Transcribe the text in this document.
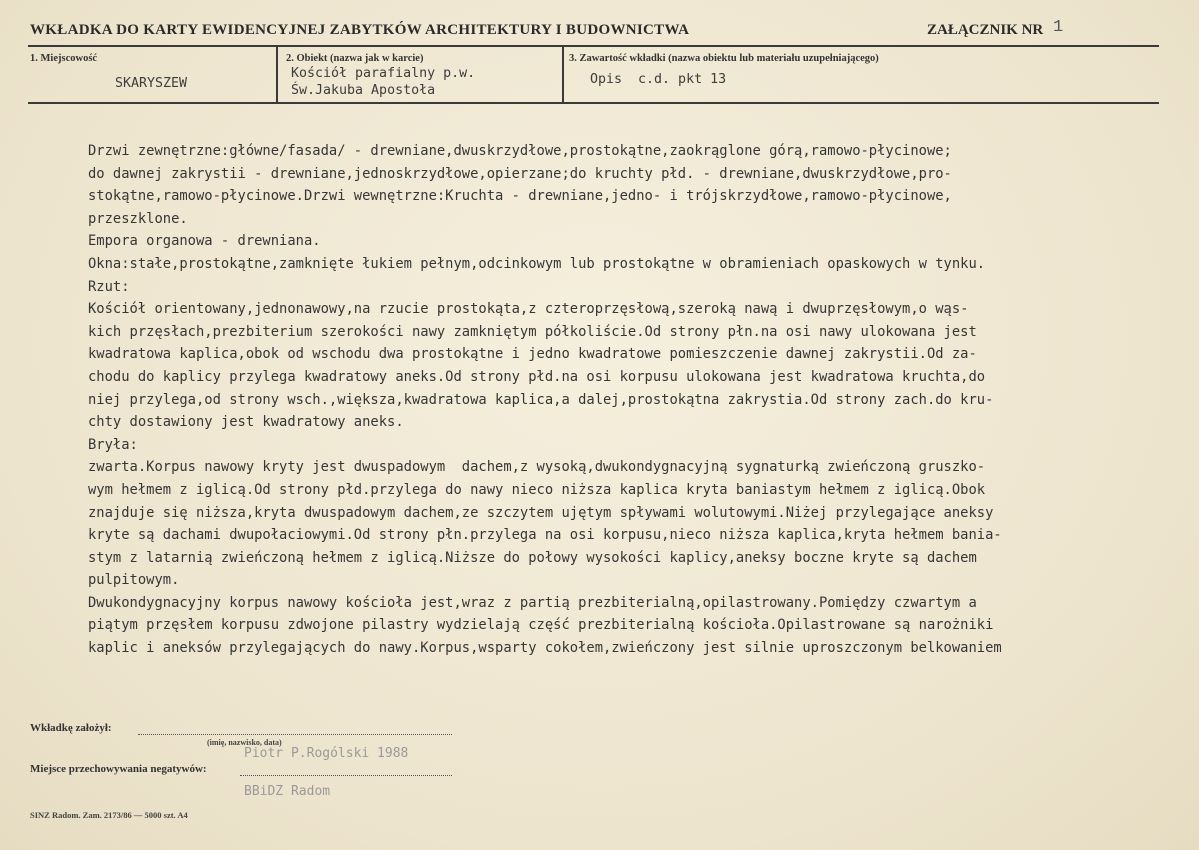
WKŁADKA DO KARTY EWIDENCYJNEJ ZABYTKÓW ARCHITEKTURY I BUDOWNICTWA	ZAŁĄCZNIK NR 1
1. Miejscowość
SKARYSZEW
2. Obiekt (nazwa jak w karcie)
Kościół parafialny p.w.
Św.Jakuba Apostoła
3. Zawartość wkładki (nazwa obiektu lub materiału uzupełniającego)
Opis  c.d. pkt 13
Drzwi zewnętrzne:główne/fasada/ - drewniane,dwuskrzydłowe,prostokątne,zaokrąglone górą,ramowo-płycinowe;
do dawnej zakrystii - drewniane,jednoskrzydłowe,opierzane;do kruchty płd. - drewniane,dwuskrzydłowe,pro-
stokątne,ramowo-płycinowe.Drzwi wewnętrzne:Kruchta - drewniane,jedno- i trójskrzydłowe,ramowo-płycinowe,
przeszklone.
Empora organowa - drewniana.
Okna:stałe,prostokątne,zamknięte łukiem pełnym,odcinkowym lub prostokątne w obramieniach opaskowych w tynku.
Rzut:
Kościół orientowany,jednonawowy,na rzucie prostokąta,z czteroprzęsłową,szeroką nawą i dwuprzęsłowym,o wąs-
kich przęsłach,prezbiterium szerokości nawy zamkniętym półkoliście.Od strony płn.na osi nawy ulokowana jest
kwadratowa kaplica,obok od wschodu dwa prostokątne i jedno kwadratowe pomieszczenie dawnej zakrystii.Od za-
chodu do kaplicy przylega kwadratowy aneks.Od strony płd.na osi korpusu ulokowana jest kwadratowa kruchta,do
niej przylega,od strony wsch.,większa,kwadratowa kaplica,a dalej,prostokątna zakrystia.Od strony zach.do kru-
chty dostawiony jest kwadratowy aneks.
Bryła:
zwarta.Korpus nawowy kryty jest dwuspadowym  dachem,z wysoką,dwukondygnacyjną sygnaturką zwieńczoną gruszko-
wym hełmem z iglicą.Od strony płd.przylega do nawy nieco niższa kaplica kryta baniastym hełmem z iglicą.Obok
znajduje się niższa,kryta dwuspadowym dachem,ze szczytem ujętym spływami wolutowymi.Niżej przylegające aneksy
kryte są dachami dwupołaciowymi.Od strony płn.przylega na osi korpusu,nieco niższa kaplica,kryta hełmem bania-
stym z latarnią zwieńczoną hełmem z iglicą.Niższe do połowy wysokości kaplicy,aneksy boczne kryte są dachem
pulpitowym.
Dwukondygnacyjny korpus nawowy kościoła jest,wraz z partią prezbiterialną,opilastrowany.Pomiędzy czwartym a
piątym przęsłem korpusu zdwojone pilastry wydzielają część prezbiterialną kościoła.Opilastrowane są narożniki
kaplic i aneksów przylegających do nawy.Korpus,wsparty cokołem,zwieńczony jest silnie uproszczonym belkowaniem
Wkładkę założył:
(imię, nazwisko, data)
Piotr P.Rogólski 1988
Miejsce przechowywania negatywów:
BBiDZ Radom
SINZ Radom. Zam. 2173/86 — 5000 szt. A4
